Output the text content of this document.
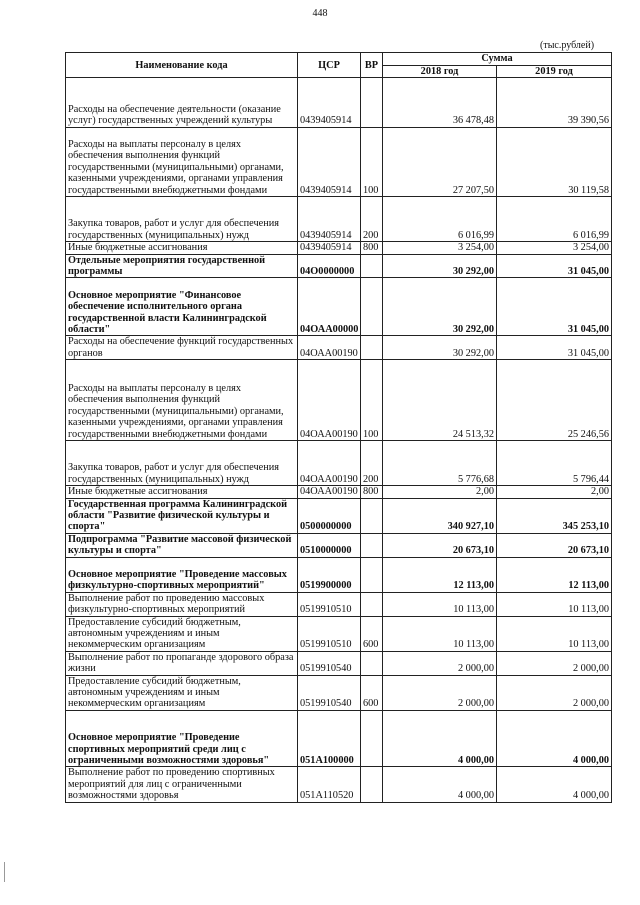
448
(тыс.рублей)
Наименование кода	ЦСР	ВР	Сумма	
			2018 год	2019 год
Расходы на обеспечение деятельности (оказание услуг) государственных учреждений культуры	0439405914		36 478,48	39 390,56
Расходы на выплаты персоналу в целях обеспечения выполнения функций государственными (муниципальными) органами, казенными учреждениями, органами управления государственными внебюджетными фондами	0439405914	100	27 207,50	30 119,58
Закупка товаров, работ и услуг для обеспечения государственных (муниципальных) нужд	0439405914	200	6 016,99	6 016,99
Иные бюджетные ассигнования	0439405914	800	3 254,00	3 254,00
Отдельные мероприятия государственной программы	04О0000000		30 292,00	31 045,00
Основное мероприятие "Финансовое обеспечение исполнительного органа государственной власти Калининградской области"	04ОАА00000		30 292,00	31 045,00
Расходы на обеспечение функций государственных органов	04ОАА00190		30 292,00	31 045,00
Расходы на выплаты персоналу в целях обеспечения выполнения функций государственными (муниципальными) органами, казенными учреждениями, органами управления государственными внебюджетными фондами	04ОАА00190	100	24 513,32	25 246,56
Закупка товаров, работ и услуг для обеспечения государственных (муниципальных) нужд	04ОАА00190	200	5 776,68	5 796,44
Иные бюджетные ассигнования	04ОАА00190	800	2,00	2,00
Государственная программа Калининградской области "Развитие физической культуры и спорта"	0500000000		340 927,10	345 253,10
Подпрограмма "Развитие массовой физической культуры и спорта"	0510000000		20 673,10	20 673,10
Основное мероприятие "Проведение массовых физкультурно-спортивных мероприятий"	0519900000		12 113,00	12 113,00
Выполнение работ по проведению массовых физкультурно-спортивных мероприятий	0519910510		10 113,00	10 113,00
Предоставление субсидий бюджетным, автономным учреждениям и иным некоммерческим организациям	0519910510	600	10 113,00	10 113,00
Выполнение работ по пропаганде здорового образа жизни	0519910540		2 000,00	2 000,00
Предоставление субсидий бюджетным, автономным учреждениям и иным некоммерческим организациям	0519910540	600	2 000,00	2 000,00
Основное мероприятие "Проведение спортивных мероприятий среди лиц с ограниченными возможностями здоровья"	051А100000		4 000,00	4 000,00
Выполнение работ по проведению спортивных мероприятий для лиц с ограниченными возможностями здоровья	051А110520		4 000,00	4 000,00
